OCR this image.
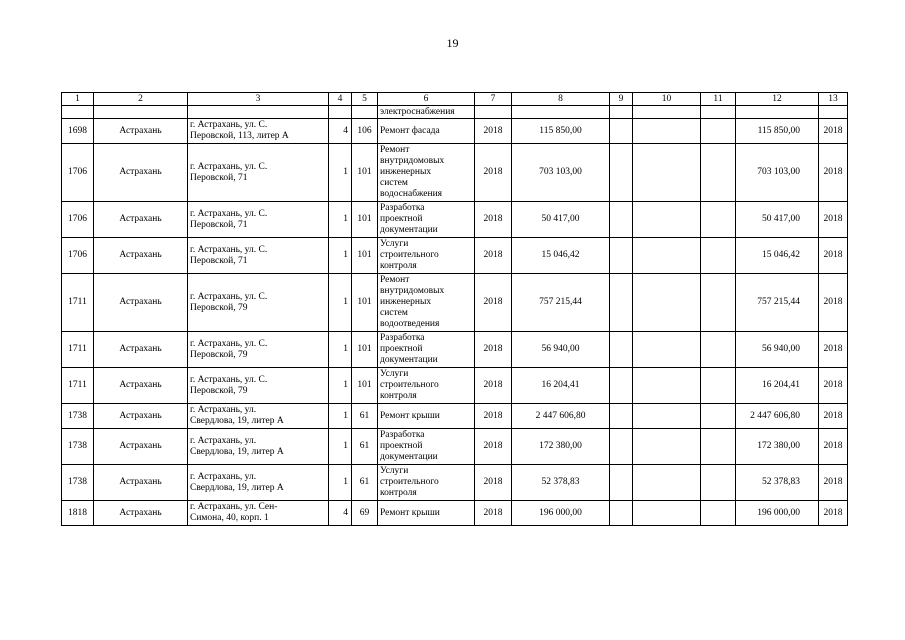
19
1	2	3	4	5	6	7	8	9	10	11	12	13
					электроснабжения							
1698	Астрахань	г. Астрахань, ул. С.
Перовской, 113, литер А	4	106	Ремонт фасада	2018	115 850,00				115 850,00	2018
1706	Астрахань	г. Астрахань, ул. С.
Перовской, 71	1	101	Ремонт
внутридомовых
инженерных
систем
водоснабжения	2018	703 103,00				703 103,00	2018
1706	Астрахань	г. Астрахань, ул. С.
Перовской, 71	1	101	Разработка
проектной
документации	2018	50 417,00				50 417,00	2018
1706	Астрахань	г. Астрахань, ул. С.
Перовской, 71	1	101	Услуги
строительного
контроля	2018	15 046,42				15 046,42	2018
1711	Астрахань	г. Астрахань, ул. С.
Перовской, 79	1	101	Ремонт
внутридомовых
инженерных
систем
водоотведения	2018	757 215,44				757 215,44	2018
1711	Астрахань	г. Астрахань, ул. С.
Перовской, 79	1	101	Разработка
проектной
документации	2018	56 940,00				56 940,00	2018
1711	Астрахань	г. Астрахань, ул. С.
Перовской, 79	1	101	Услуги
строительного
контроля	2018	16 204,41				16 204,41	2018
1738	Астрахань	г. Астрахань, ул.
Свердлова, 19, литер А	1	61	Ремонт крыши	2018	2 447 606,80				2 447 606,80	2018
1738	Астрахань	г. Астрахань, ул.
Свердлова, 19, литер А	1	61	Разработка
проектной
документации	2018	172 380,00				172 380,00	2018
1738	Астрахань	г. Астрахань, ул.
Свердлова, 19, литер А	1	61	Услуги
строительного
контроля	2018	52 378,83				52 378,83	2018
1818	Астрахань	г. Астрахань, ул. Сен-
Симона, 40, корп. 1	4	69	Ремонт крыши	2018	196 000,00				196 000,00	2018
